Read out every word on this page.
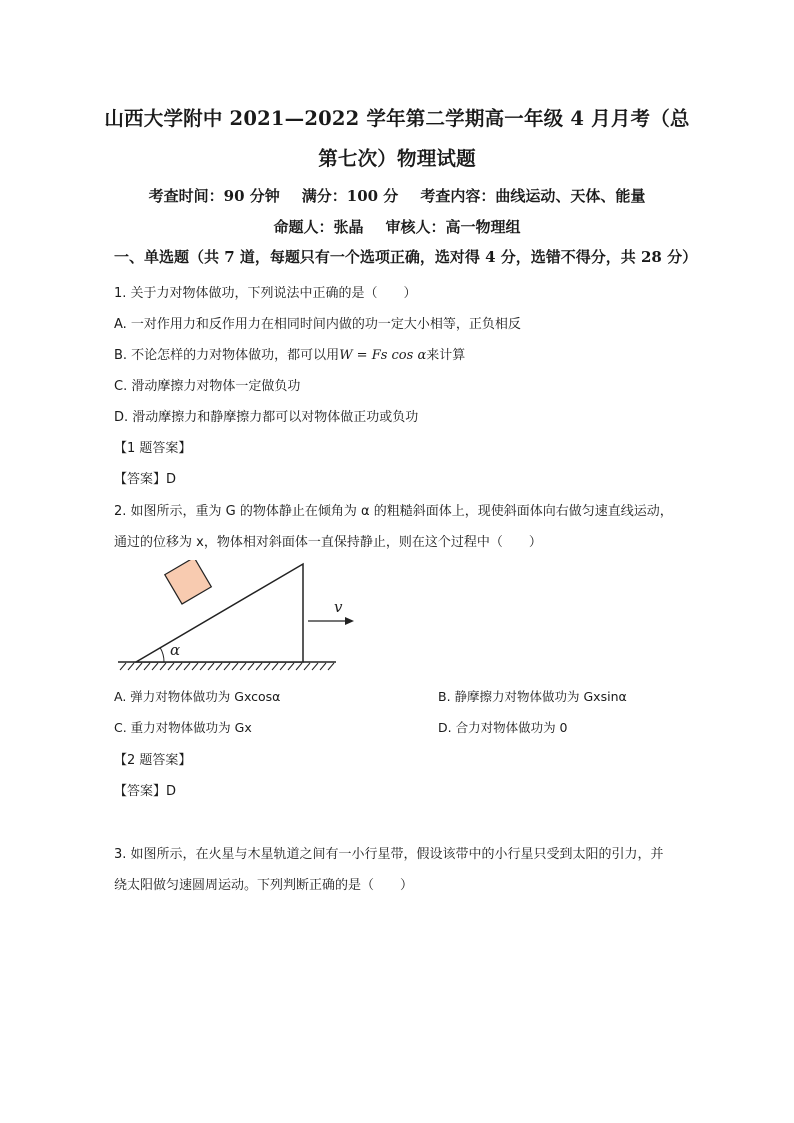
山西大学附中 2021—2022 学年第二学期高一年级 4 月月考（总
第七次）物理试题
考查时间：90 分钟 满分：100 分 考查内容：曲线运动、天体、能量
命题人：张晶 审核人：高一物理组
一、单选题（共 7 道，每题只有一个选项正确，选对得 4 分，选错不得分，共 28 分）
1. 关于力对物体做功，下列说法中正确的是（　　）
A. 一对作用力和反作用力在相同时间内做的功一定大小相等，正负相反
B. 不论怎样的力对物体做功，都可以用W = Fs cos α来计算
C. 滑动摩擦力对物体一定做负功
D. 滑动摩擦力和静摩擦力都可以对物体做正功或负功
【1 题答案】
【答案】D
2. 如图所示，重为 G 的物体静止在倾角为 α 的粗糙斜面体上，现使斜面体向右做匀速直线运动，
通过的位移为 x，物体相对斜面体一直保持静止，则在这个过程中（　　）
α
v
A. 弹力对物体做功为 Gxcosα	B. 静摩擦力对物体做功为 Gxsinα
C. 重力对物体做功为 Gx	D. 合力对物体做功为 0
【2 题答案】
【答案】D
3. 如图所示，在火星与木星轨道之间有一小行星带，假设该带中的小行星只受到太阳的引力，并
绕太阳做匀速圆周运动。下列判断正确的是（　　）
